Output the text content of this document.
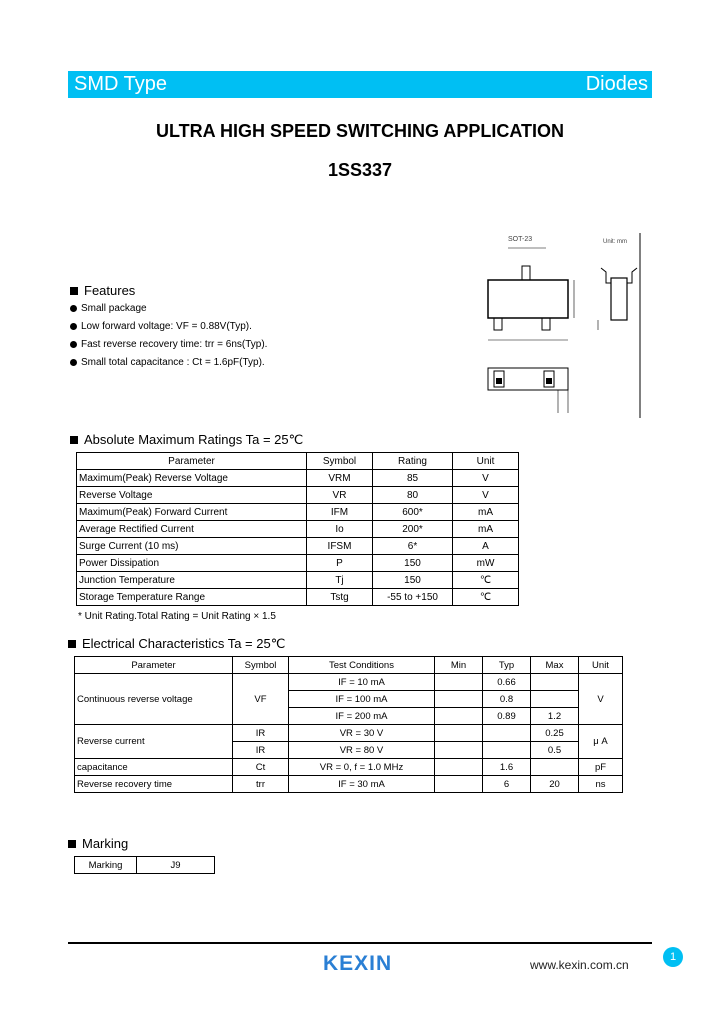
SMD Type	Diodes
ULTRA HIGH SPEED SWITCHING APPLICATION
1SS337
Features
Small package
Low forward voltage: VF = 0.88V(Typ).
Fast reverse recovery time: trr = 6ns(Typ).
Small total capacitance : Ct = 1.6pF(Typ).
SOT-23	Unit: mm
Absolute Maximum Ratings Ta = 25℃
Parameter	Symbol	Rating	Unit
Maximum(Peak) Reverse Voltage	VRM	85	V
Reverse Voltage	VR	80	V
Maximum(Peak) Forward Current	IFM	600*	mA
Average Rectified Current	Io	200*	mA
Surge Current (10 ms)	IFSM	6*	A
Power Dissipation	P	150	mW
Junction Temperature	Tj	150	℃
Storage Temperature Range	Tstg	-55 to +150	℃
* Unit Rating.Total Rating = Unit Rating × 1.5
Electrical Characteristics Ta = 25℃
Parameter	Symbol	Test Conditions	Min	Typ	Max	Unit
Continuous reverse voltage	VF	IF = 10 mA		0.66		V
		IF = 100 mA		0.8		
		IF = 200 mA		0.89	1.2	
Reverse current	IR	VR = 30 V			0.25	μ A
	IR	VR = 80 V			0.5	
capacitance	Ct	VR = 0, f = 1.0 MHz		1.6		pF
Reverse recovery time	trr	IF = 30 mA		6	20	ns
Marking
Marking	J9
KEXIN	www.kexin.com.cn
1
